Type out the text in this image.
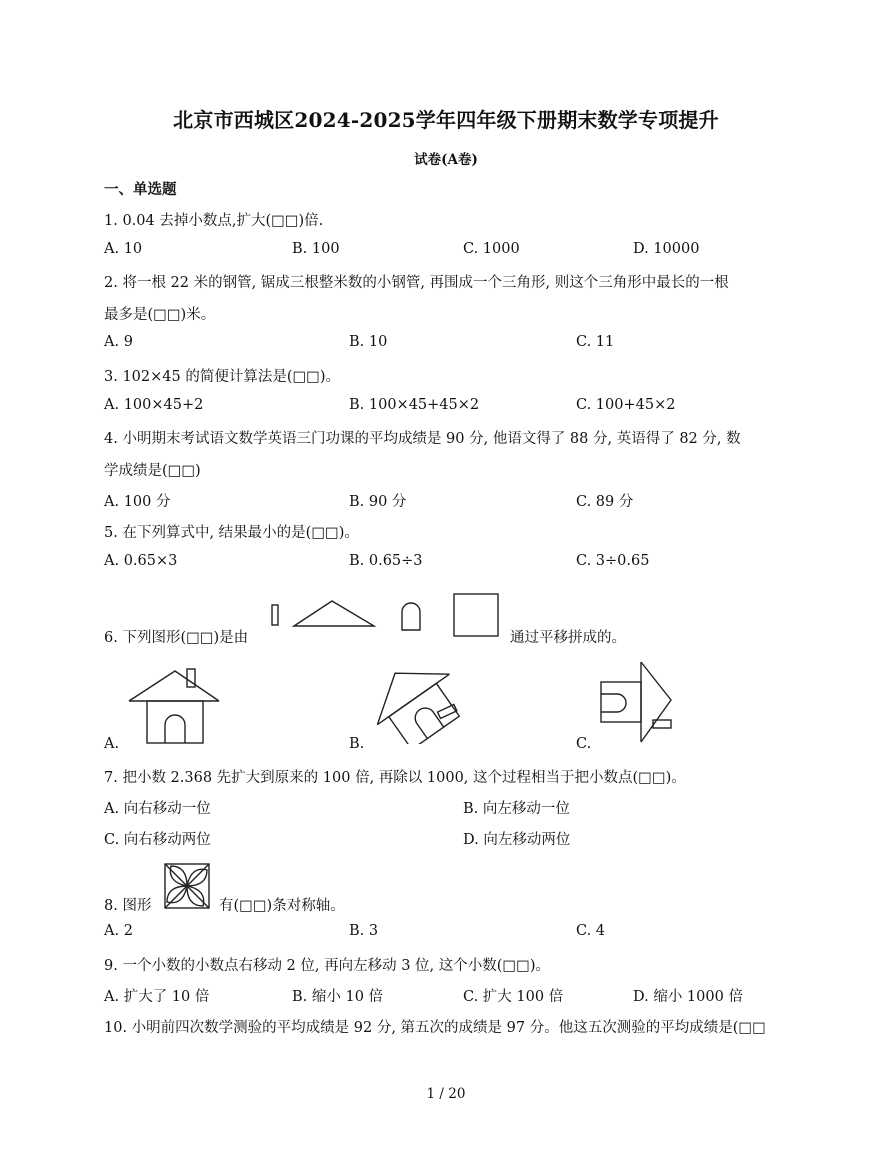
北京市西城区2024-2025学年四年级下册期末数学专项提升
试卷(A卷)
一、单选题
1. 0.04 去掉小数点,扩大(□□)倍.
A. 10	B. 100	C. 1000	D. 10000
2. 将一根 22 米的钢管, 锯成三根整米数的小钢管, 再围成一个三角形, 则这个三角形中最长的一根
最多是(□□)米。
A. 9	B. 10	C. 11
3. 102×45 的简便计算法是(□□)。
A. 100×45+2	B. 100×45+45×2	C. 100+45×2
4. 小明期末考试语文数学英语三门功课的平均成绩是 90 分, 他语文得了 88 分, 英语得了 82 分, 数
学成绩是(□□)
A. 100 分	B. 90 分	C. 89 分
5. 在下列算式中, 结果最小的是(□□)。
A. 0.65×3	B. 0.65÷3	C. 3÷0.65
6. 下列图形(□□)是由	通过平移拼成的。
A.	B.	C.
7. 把小数 2.368 先扩大到原来的 100 倍, 再除以 1000, 这个过程相当于把小数点(□□)。
A. 向右移动一位	B. 向左移动一位
C. 向右移动两位	D. 向左移动两位
8. 图形	有(□□)条对称轴。
A. 2	B. 3	C. 4
9. 一个小数的小数点右移动 2 位, 再向左移动 3 位, 这个小数(□□)。
A. 扩大了 10 倍	B. 缩小 10 倍	C. 扩大 100 倍	D. 缩小 1000 倍
10. 小明前四次数学测验的平均成绩是 92 分, 第五次的成绩是 97 分。他这五次测验的平均成绩是(□□
1 / 20
